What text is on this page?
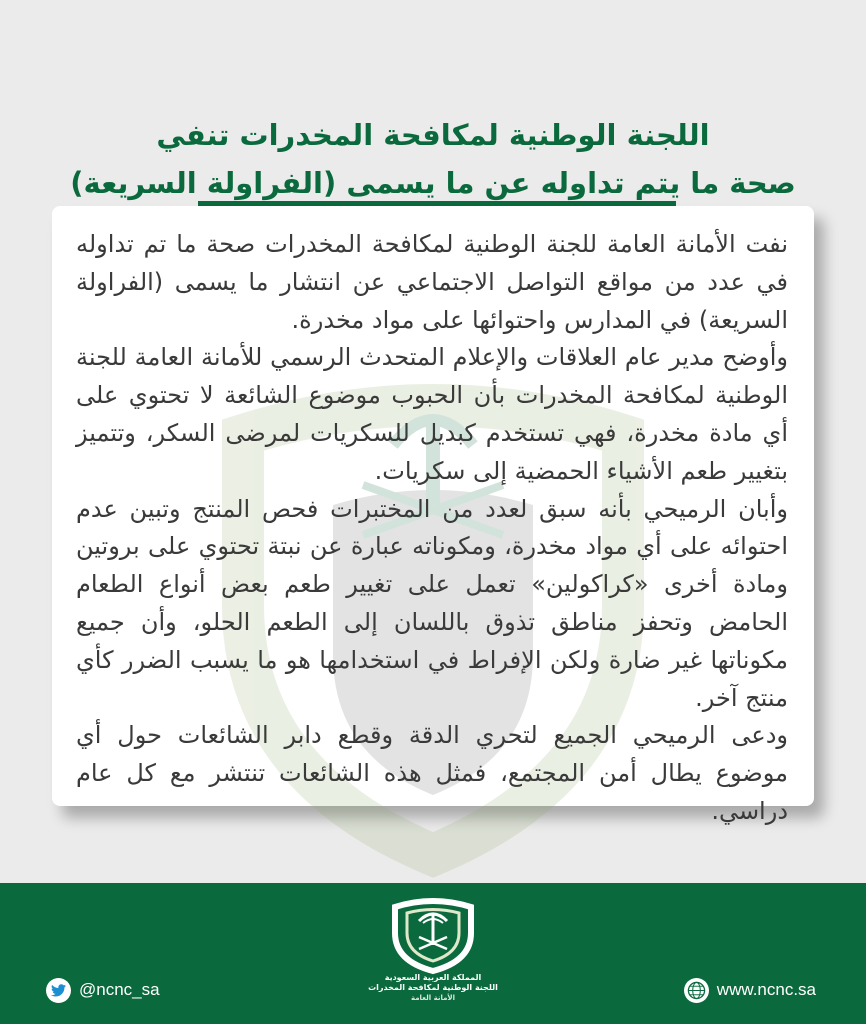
اللجنة الوطنية لمكافحة المخدرات تنفي
صحة ما يتم تداوله عن ما يسمى (الفراولة السريعة)

نفت الأمانة العامة للجنة الوطنية لمكافحة المخدرات صحة ما تم تداوله في عدد من مواقع التواصل الاجتماعي عن انتشار ما يسمى (الفراولة السريعة) في المدارس واحتوائها على مواد مخدرة.

وأوضح مدير عام العلاقات والإعلام المتحدث الرسمي للأمانة العامة للجنة الوطنية لمكافحة المخدرات بأن الحبوب موضوع الشائعة لا تحتوي على أي مادة مخدرة، فهي تستخدم كبديل للسكريات لمرضى السكر، وتتميز بتغيير طعم الأشياء الحمضية إلى سكريات.

وأبان الرميحي بأنه سبق لعدد من المختبرات فحص المنتج وتبين عدم احتوائه على أي مواد مخدرة، ومكوناته عبارة عن نبتة تحتوي على بروتين ومادة أخرى «كراكولين» تعمل على تغيير طعم بعض أنواع الطعام الحامض وتحفز مناطق تذوق باللسان إلى الطعم الحلو، وأن جميع مكوناتها غير ضارة ولكن الإفراط في استخدامها هو ما يسبب الضرر كأي منتج آخر.

ودعى الرميحي الجميع لتحري الدقة وقطع دابر الشائعات حول أي موضوع يطال أمن المجتمع، فمثل هذه الشائعات تنتشر مع كل عام دراسي.

المملكة العربية السعودية
اللجنة الوطنية لمكافحة المخدرات
الأمانة العامة
@ncnc_sa	www.ncnc.sa
